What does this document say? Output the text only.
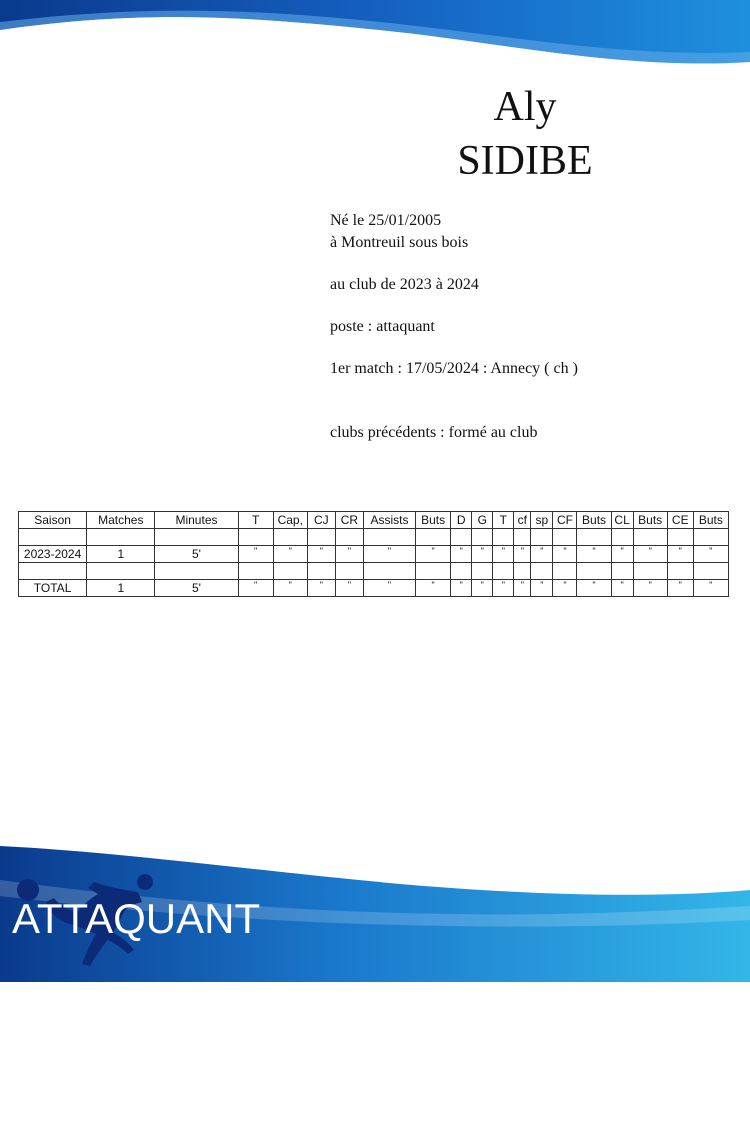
Aly
SIDIBE
Né le 25/01/2005
à Montreuil sous bois
au club de 2023 à 2024
poste : attaquant
1er match : 17/05/2024 : Annecy ( ch )
clubs précédents : formé au club
Saison	Matches	Minutes	T	Cap,	CJ	CR	Assists	Buts	D	G	T	cf	sp	CF	Buts	CL	Buts	CE	Buts

2023-2024	1	5'	"	"	"	"	"	"	"	"	"	"	"	"	"	"	"	"	"

TOTAL	1	5'	"	"	"	"	"	"	"	"	"	"	"	"	"	"	"	"	"
ATTAQUANT
